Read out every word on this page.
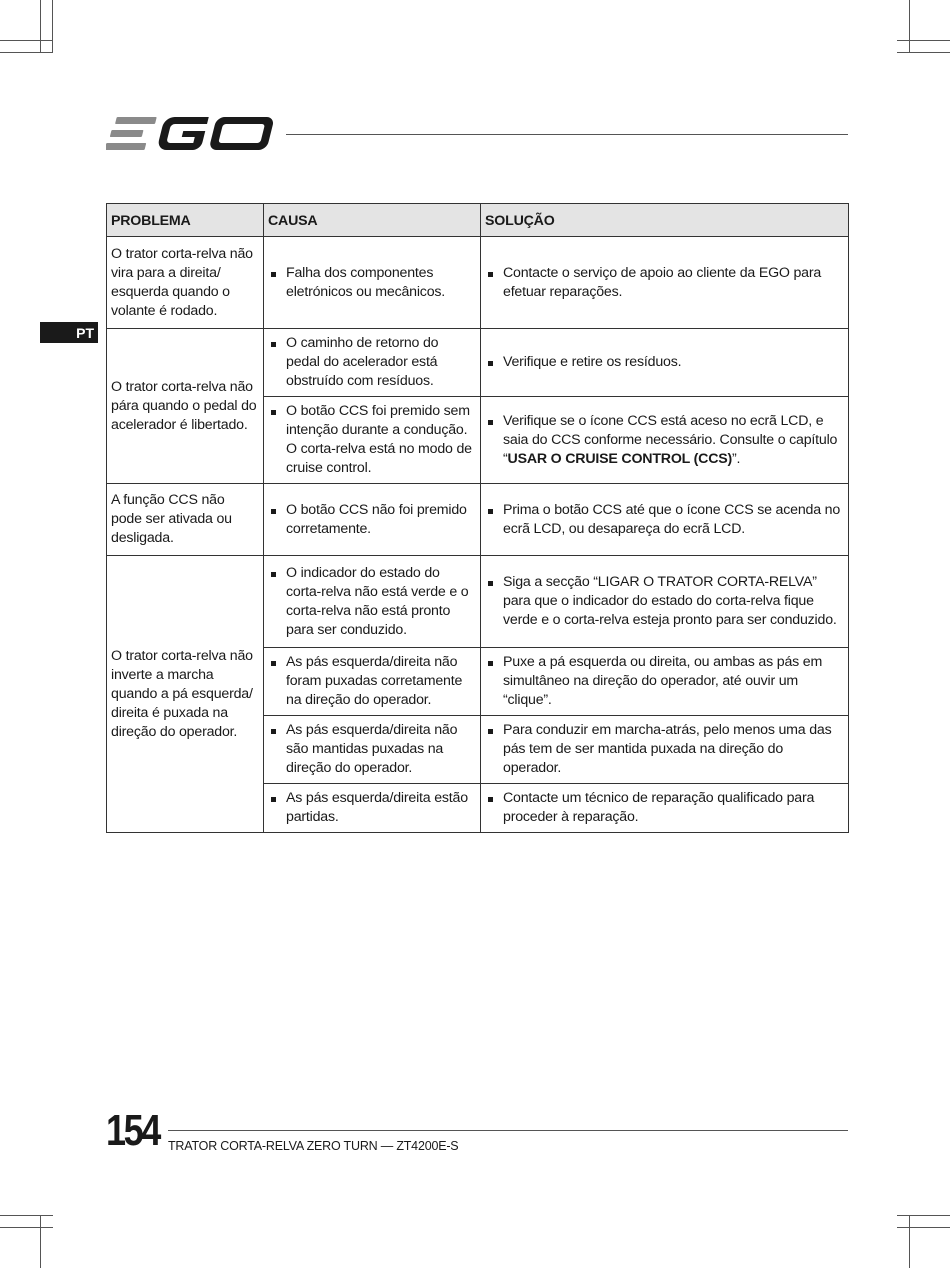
PT
PROBLEMA	CAUSA	SOLUÇÃO
O trator corta-relva não vira para a direita/ esquerda quando o volante é rodado.	Falha dos componentes eletrónicos ou mecânicos.	Contacte o serviço de apoio ao cliente da EGO para efetuar reparações.

O trator corta-relva não pára quando o pedal do acelerador é libertado.	O caminho de retorno do pedal do acelerador está obstruído com resíduos.	Verifique e retire os resíduos.

	O botão CCS foi premido sem intenção durante a condução. O corta-relva está no modo de cruise control.	Verifique se o ícone CCS está aceso no ecrã LCD, e saia do CCS conforme necessário. Consulte o capítulo “USAR O CRUISE CONTROL (CCS)”.

A função CCS não pode ser ativada ou desligada.	O botão CCS não foi premido corretamente.	Prima o botão CCS até que o ícone CCS se acenda no ecrã LCD, ou desapareça do ecrã LCD.

O trator corta-relva não inverte a marcha quando a pá esquerda/ direita é puxada na direção do operador.	O indicador do estado do corta-relva não está verde e o corta-relva não está pronto para ser conduzido.	Siga a secção “LIGAR O TRATOR CORTA-RELVA” para que o indicador do estado do corta-relva fique verde e o corta-relva esteja pronto para ser conduzido.

	As pás esquerda/direita não foram puxadas corretamente na direção do operador.	Puxe a pá esquerda ou direita, ou ambas as pás em simultâneo na direção do operador, até ouvir um “clique”.

	As pás esquerda/direita não são mantidas puxadas na direção do operador.	Para conduzir em marcha-atrás, pelo menos uma das pás tem de ser mantida puxada na direção do operador.

	As pás esquerda/direita estão partidas.	Contacte um técnico de reparação qualificado para proceder à reparação.
154 TRATOR CORTA-RELVA ZERO TURN — ZT4200E-S
